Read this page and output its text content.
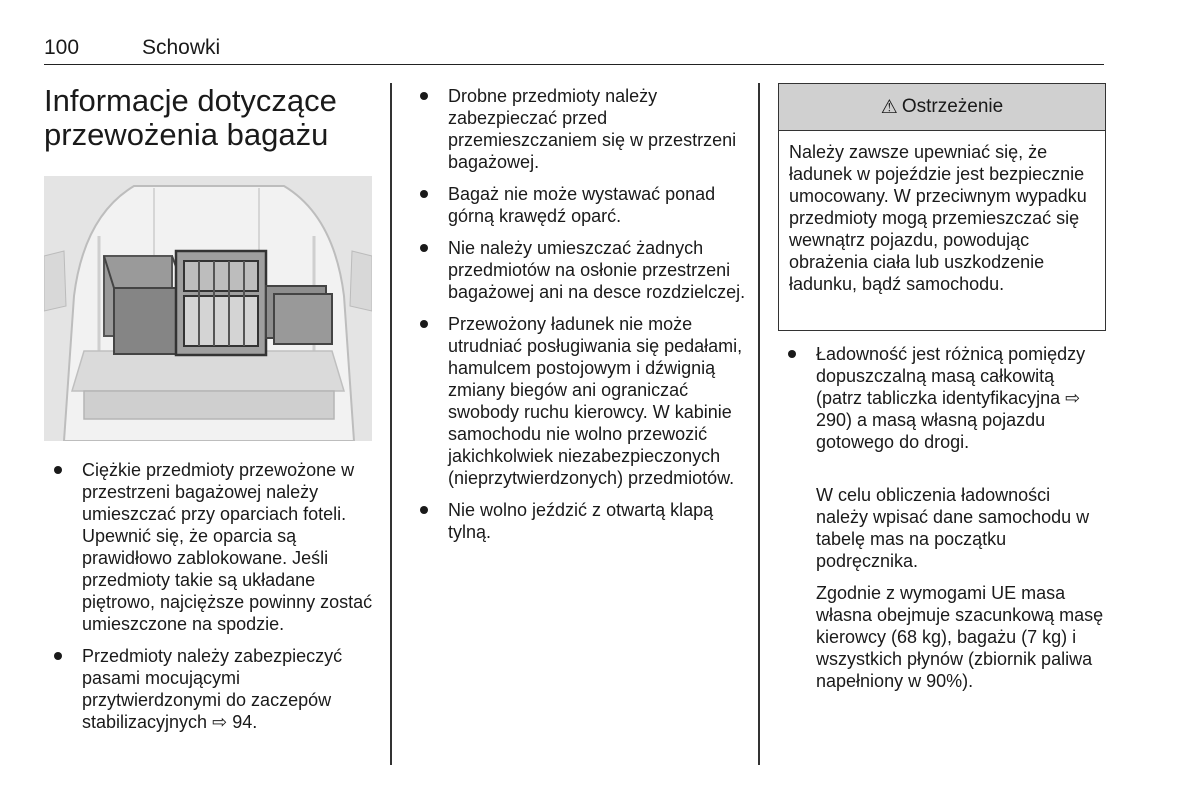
100	Schowki
Informacje dotyczące przewożenia bagażu
Ciężkie przedmioty przewożone w przestrzeni bagażowej należy umieszczać przy oparciach foteli. Upewnić się, że oparcia są prawidłowo zablokowane. Jeśli przedmioty takie są układane piętrowo, najcięższe powinny zostać umieszczone na spodzie.
Przedmioty należy zabezpieczyć pasami mocującymi przytwierdzonymi do zaczepów stabilizacyjnych ⇨ 94.
Drobne przedmioty należy zabezpieczać przed przemieszczaniem się w przestrzeni bagażowej.
Bagaż nie może wystawać ponad górną krawędź oparć.
Nie należy umieszczać żadnych przedmiotów na osłonie przestrzeni bagażowej ani na desce rozdzielczej.
Przewożony ładunek nie może utrudniać posługiwania się pedałami, hamulcem postojowym i dźwignią zmiany biegów ani ograniczać swobody ruchu kierowcy. W kabinie samochodu nie wolno przewozić jakichkolwiek niezabezpieczonych (nieprzytwierdzonych) przedmiotów.
Nie wolno jeździć z otwartą klapą tylną.
⚠ Ostrzeżenie
Należy zawsze upewniać się, że ładunek w pojeździe jest bezpiecznie umocowany. W przeciwnym wypadku przedmioty mogą przemieszczać się wewnątrz pojazdu, powodując obrażenia ciała lub uszkodzenie ładunku, bądź samochodu.
Ładowność jest różnicą pomiędzy dopuszczalną masą całkowitą (patrz tabliczka identyfikacyjna ⇨ 290) a masą własną pojazdu gotowego do drogi.
W celu obliczenia ładowności należy wpisać dane samochodu w tabelę mas na początku podręcznika.
Zgodnie z wymogami UE masa własna obejmuje szacunkową masę kierowcy (68 kg), bagażu (7 kg) i wszystkich płynów (zbiornik paliwa napełniony w 90%).
